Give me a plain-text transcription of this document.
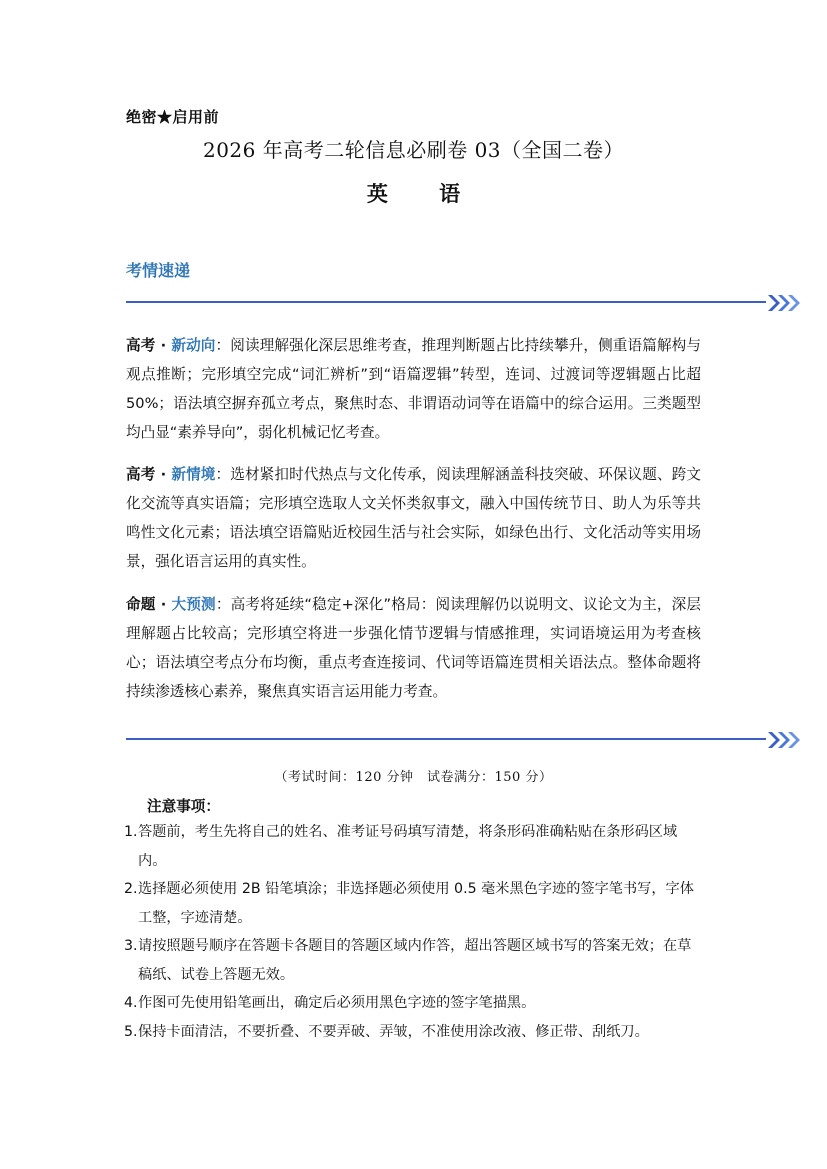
绝密★启用前
2026 年高考二轮信息必刷卷 03（全国二卷）
英 语
考情速递
高考 · 新动向：阅读理解强化深层思维考查，推理判断题占比持续攀升，侧重语篇解构与观点推断；完形填空完成“词汇辨析”到“语篇逻辑”转型，连词、过渡词等逻辑题占比超 50%；语法填空摒弃孤立考点，聚焦时态、非谓语动词等在语篇中的综合运用。三类题型均凸显“素养导向”，弱化机械记忆考查。
高考 · 新情境：选材紧扣时代热点与文化传承，阅读理解涵盖科技突破、环保议题、跨文化交流等真实语篇；完形填空选取人文关怀类叙事文，融入中国传统节日、助人为乐等共鸣性文化元素；语法填空语篇贴近校园生活与社会实际，如绿色出行、文化活动等实用场景，强化语言运用的真实性。
命题 · 大预测：高考将延续“稳定+深化”格局：阅读理解仍以说明文、议论文为主，深层理解题占比较高；完形填空将进一步强化情节逻辑与情感推理，实词语境运用为考查核心；语法填空考点分布均衡，重点考查连接词、代词等语篇连贯相关语法点。整体命题将持续渗透核心素养，聚焦真实语言运用能力考查。
（考试时间：120 分钟　试卷满分：150 分）
注意事项：
1. 答题前，考生先将自己的姓名、准考证号码填写清楚，将条形码准确粘贴在条形码区域内。
2. 选择题必须使用 2B 铅笔填涂；非选择题必须使用 0.5 毫米黑色字迹的签字笔书写，字体工整，字迹清楚。
3. 请按照题号顺序在答题卡各题目的答题区域内作答，超出答题区域书写的答案无效；在草稿纸、试卷上答题无效。
4. 作图可先使用铅笔画出，确定后必须用黑色字迹的签字笔描黑。
5. 保持卡面清洁，不要折叠、不要弄破、弄皱，不准使用涂改液、修正带、刮纸刀。
